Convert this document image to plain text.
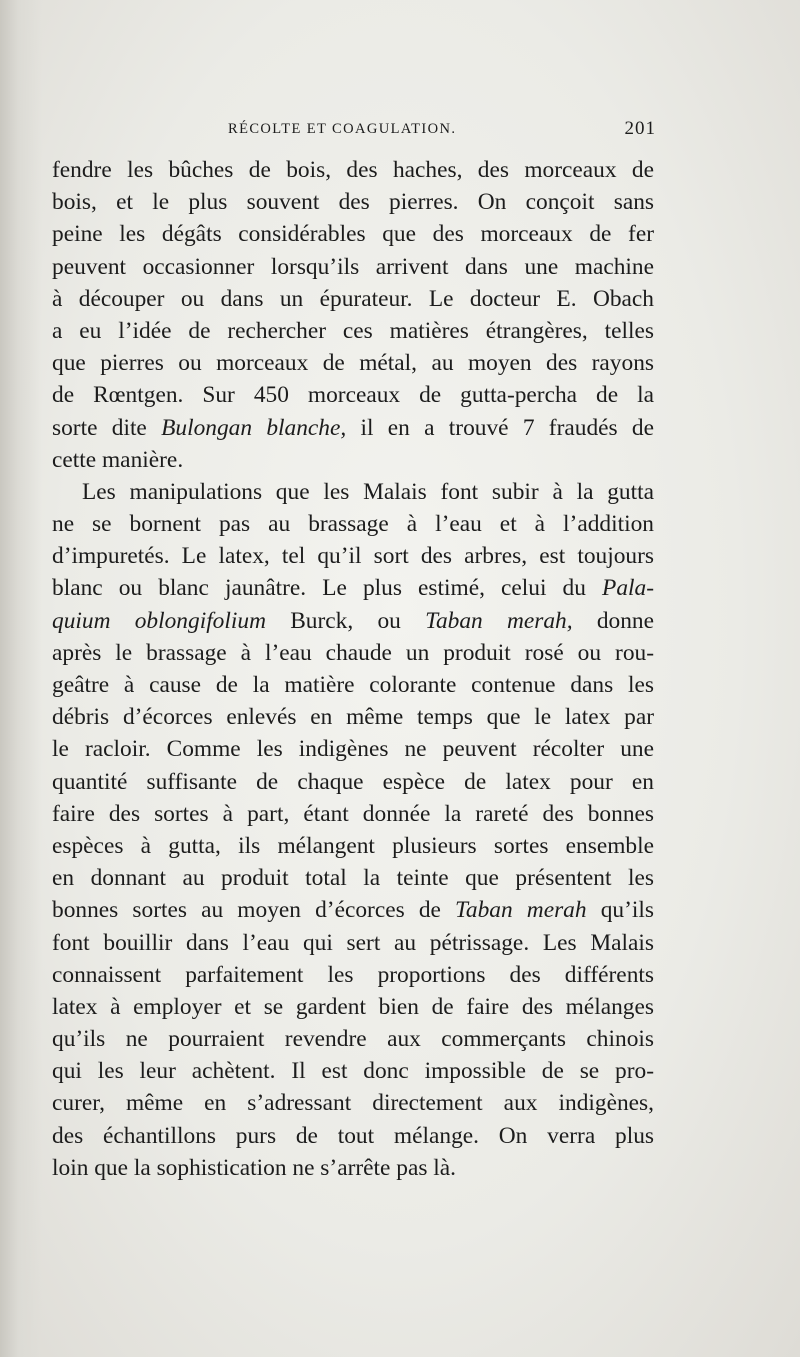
RÉCOLTE ET COAGULATION.	201
fendre les bûches de bois, des haches, des morceaux de
bois, et le plus souvent des pierres. On conçoit sans
peine les dégâts considérables que des morceaux de fer
peuvent occasionner lorsqu’ils arrivent dans une machine
à découper ou dans un épurateur. Le docteur E. Obach
a eu l’idée de rechercher ces matières étrangères, telles
que pierres ou morceaux de métal, au moyen des rayons
de Rœntgen. Sur 450 morceaux de gutta-percha de la
sorte dite Bulongan blanche, il en a trouvé 7 fraudés de
cette manière.
Les manipulations que les Malais font subir à la gutta
ne se bornent pas au brassage à l’eau et à l’addition
d’impuretés. Le latex, tel qu’il sort des arbres, est toujours
blanc ou blanc jaunâtre. Le plus estimé, celui du Pala-
quium oblongifolium Burck, ou Taban merah, donne
après le brassage à l’eau chaude un produit rosé ou rou-
geâtre à cause de la matière colorante contenue dans les
débris d’écorces enlevés en même temps que le latex par
le racloir. Comme les indigènes ne peuvent récolter une
quantité suffisante de chaque espèce de latex pour en
faire des sortes à part, étant donnée la rareté des bonnes
espèces à gutta, ils mélangent plusieurs sortes ensemble
en donnant au produit total la teinte que présentent les
bonnes sortes au moyen d’écorces de Taban merah qu’ils
font bouillir dans l’eau qui sert au pétrissage. Les Malais
connaissent parfaitement les proportions des différents
latex à employer et se gardent bien de faire des mélanges
qu’ils ne pourraient revendre aux commerçants chinois
qui les leur achètent. Il est donc impossible de se pro-
curer, même en s’adressant directement aux indigènes,
des échantillons purs de tout mélange. On verra plus
loin que la sophistication ne s’arrête pas là.
